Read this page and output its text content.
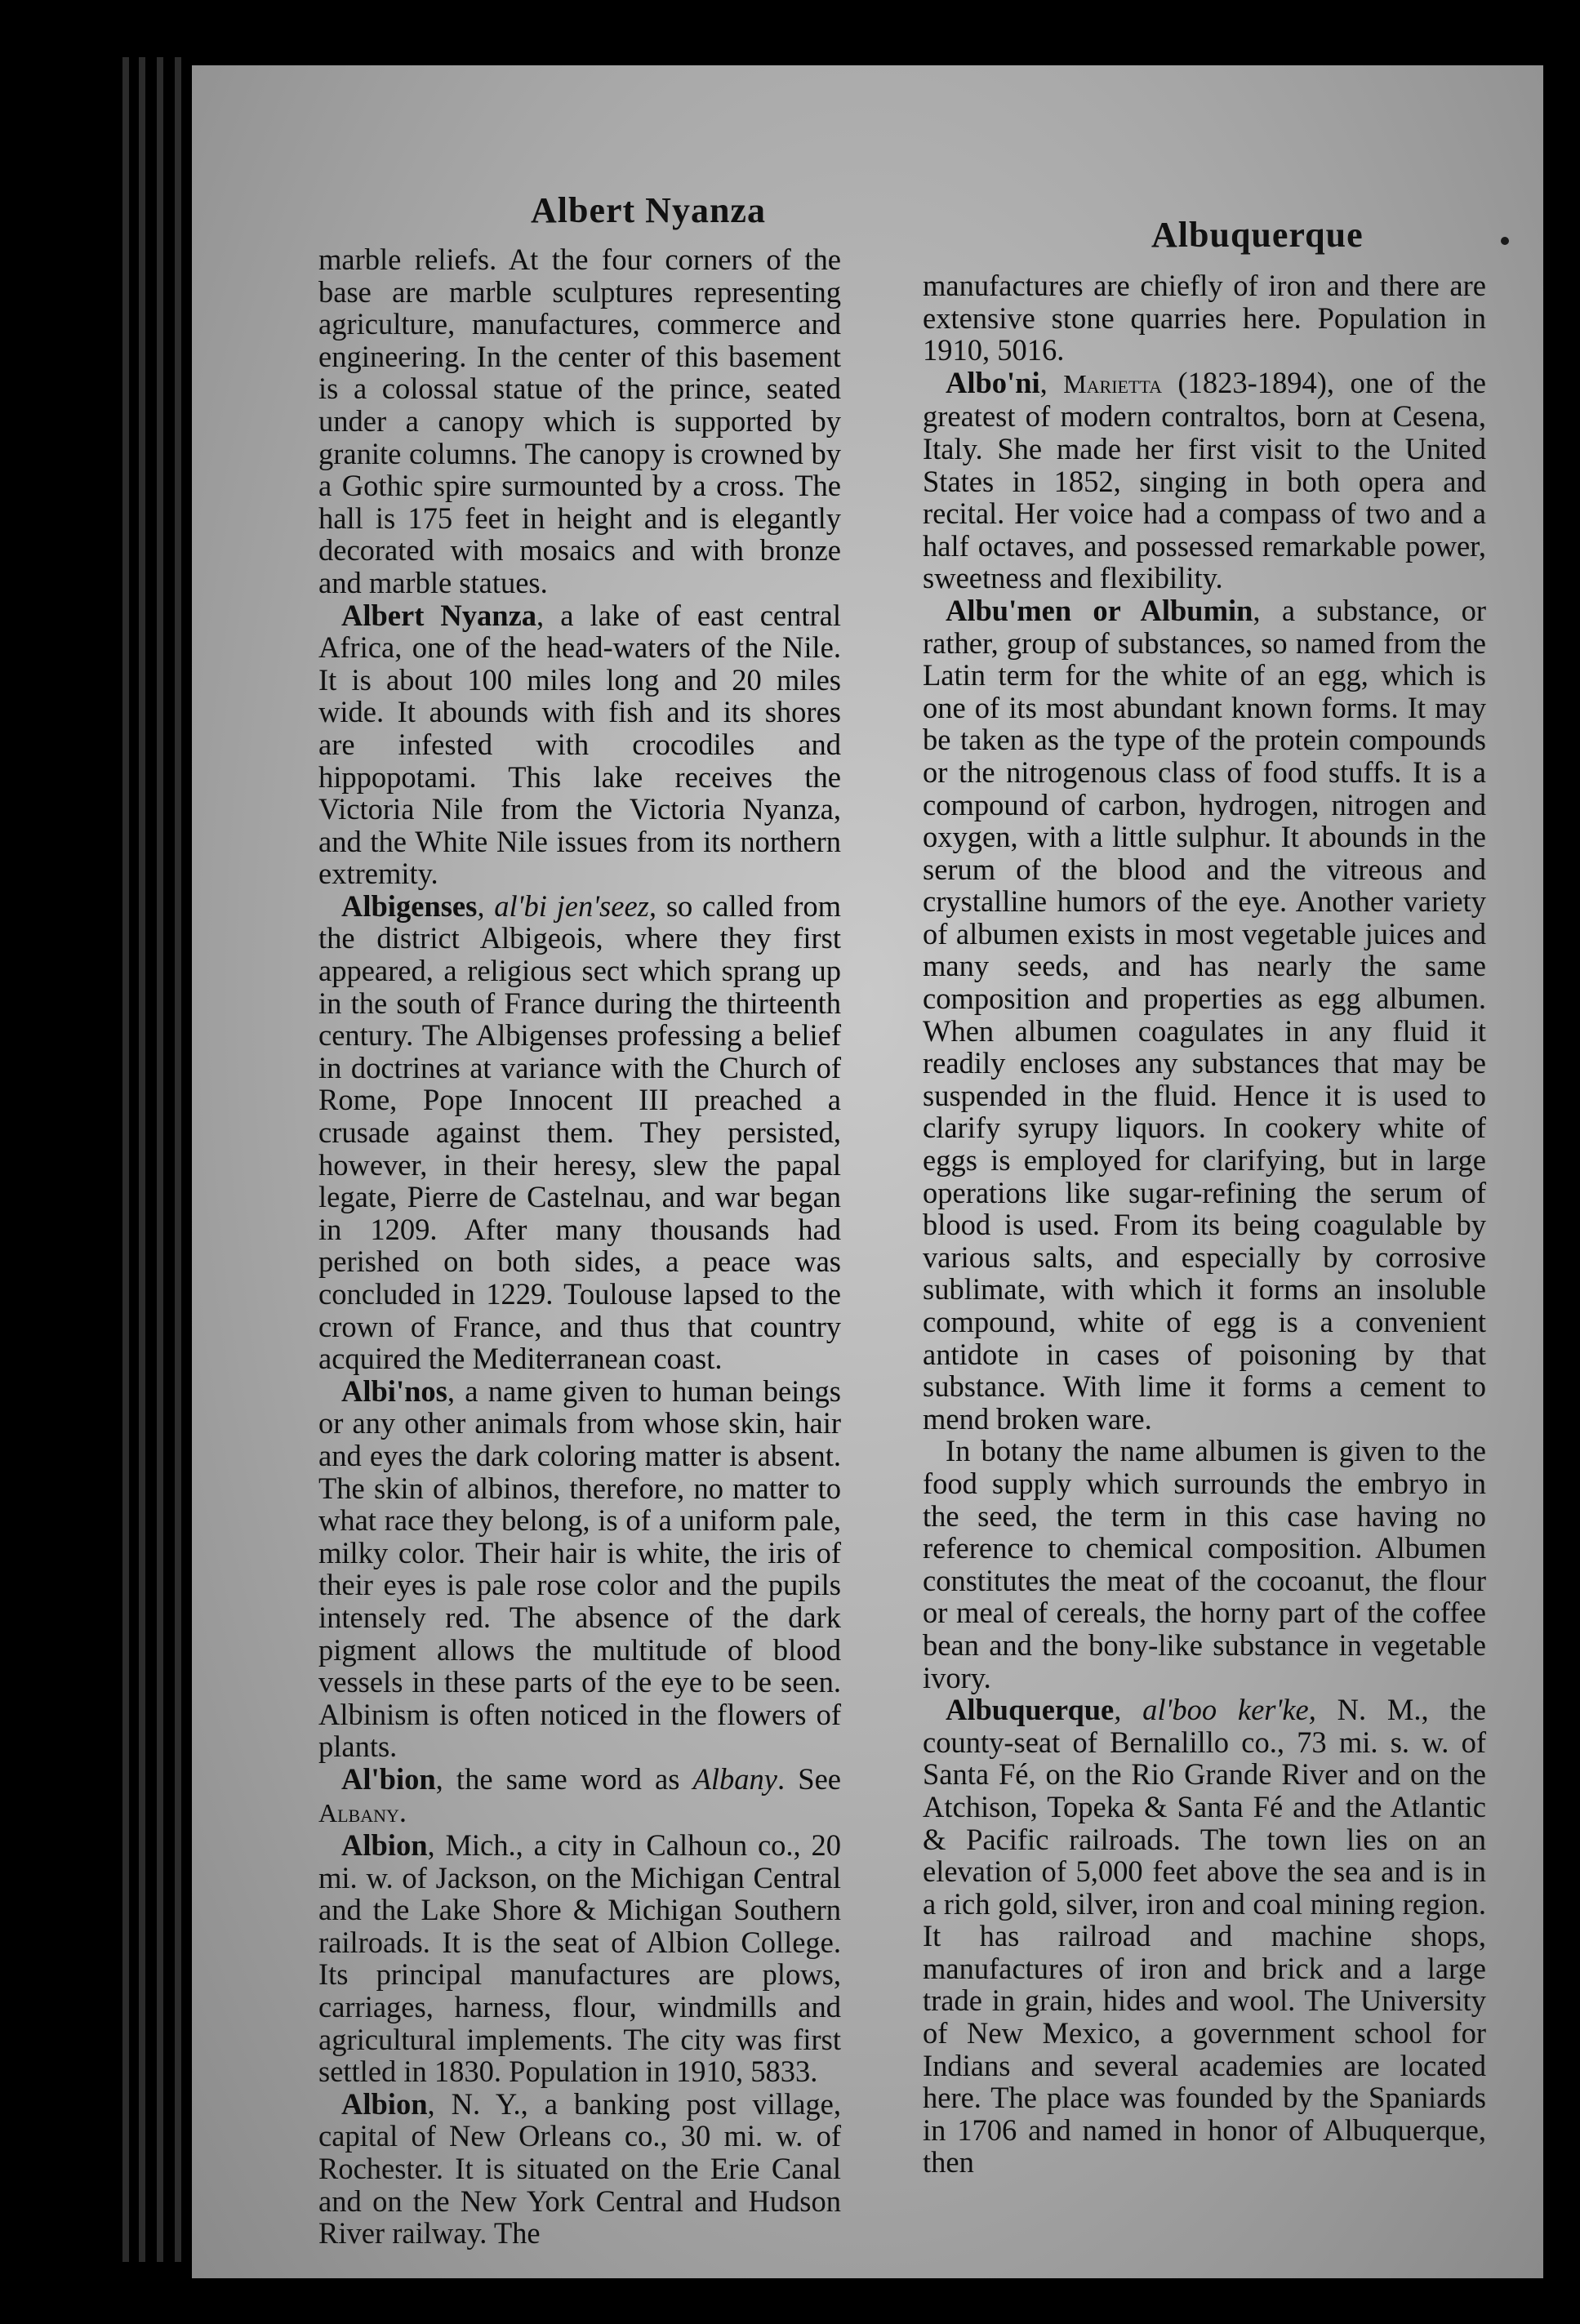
Albert Nyanza
Albuquerque

marble reliefs. At the four corners of the base are marble sculptures representing agriculture, manufactures, commerce and engineering. In the center of this basement is a colossal statue of the prince, seated under a canopy which is supported by granite columns. The canopy is crowned by a Gothic spire surmounted by a cross. The hall is 175 feet in height and is elegantly decorated with mosaics and with bronze and marble statues.

Albert Nyanza, a lake of east central Africa, one of the head-waters of the Nile. It is about 100 miles long and 20 miles wide. It abounds with fish and its shores are infested with crocodiles and hippopotami. This lake receives the Victoria Nile from the Victoria Nyanza, and the White Nile issues from its northern extremity.

Albigenses, al'bi jen'seez, so called from the district Albigeois, where they first appeared, a religious sect which sprang up in the south of France during the thirteenth century. The Albigenses professing a belief in doctrines at variance with the Church of Rome, Pope Innocent III preached a crusade against them. They persisted, however, in their heresy, slew the papal legate, Pierre de Castelnau, and war began in 1209. After many thousands had perished on both sides, a peace was concluded in 1229. Toulouse lapsed to the crown of France, and thus that country acquired the Mediterranean coast.

Albi'nos, a name given to human beings or any other animals from whose skin, hair and eyes the dark coloring matter is absent. The skin of albinos, therefore, no matter to what race they belong, is of a uniform pale, milky color. Their hair is white, the iris of their eyes is pale rose color and the pupils intensely red. The absence of the dark pigment allows the multitude of blood vessels in these parts of the eye to be seen. Albinism is often noticed in the flowers of plants.

Al'bion, the same word as Albany. See Albany.

Albion, Mich., a city in Calhoun co., 20 mi. w. of Jackson, on the Michigan Central and the Lake Shore & Michigan Southern railroads. It is the seat of Albion College. Its principal manufactures are plows, carriages, harness, flour, windmills and agricultural implements. The city was first settled in 1830. Population in 1910, 5833.

Albion, N. Y., a banking post village, capital of New Orleans co., 30 mi. w. of Rochester. It is situated on the Erie Canal and on the New York Central and Hudson River railway. The

manufactures are chiefly of iron and there are extensive stone quarries here. Population in 1910, 5016.

Albo'ni, Marietta (1823-1894), one of the greatest of modern contraltos, born at Cesena, Italy. She made her first visit to the United States in 1852, singing in both opera and recital. Her voice had a compass of two and a half octaves, and possessed remarkable power, sweetness and flexibility.

Albu'men or Albumin, a substance, or rather, group of substances, so named from the Latin term for the white of an egg, which is one of its most abundant known forms. It may be taken as the type of the protein compounds or the nitrogenous class of food stuffs. It is a compound of carbon, hydrogen, nitrogen and oxygen, with a little sulphur. It abounds in the serum of the blood and the vitreous and crystalline humors of the eye. Another variety of albumen exists in most vegetable juices and many seeds, and has nearly the same composition and properties as egg albumen. When albumen coagulates in any fluid it readily encloses any substances that may be suspended in the fluid. Hence it is used to clarify syrupy liquors. In cookery white of eggs is employed for clarifying, but in large operations like sugar-refining the serum of blood is used. From its being coagulable by various salts, and especially by corrosive sublimate, with which it forms an insoluble compound, white of egg is a convenient antidote in cases of poisoning by that substance. With lime it forms a cement to mend broken ware.

In botany the name albumen is given to the food supply which surrounds the embryo in the seed, the term in this case having no reference to chemical composition. Albumen constitutes the meat of the cocoanut, the flour or meal of cereals, the horny part of the coffee bean and the bony-like substance in vegetable ivory.

Albuquerque, al'boo ker'ke, N. M., the county-seat of Bernalillo co., 73 mi. s. w. of Santa Fé, on the Rio Grande River and on the Atchison, Topeka & Santa Fé and the Atlantic & Pacific railroads. The town lies on an elevation of 5,000 feet above the sea and is in a rich gold, silver, iron and coal mining region. It has railroad and machine shops, manufactures of iron and brick and a large trade in grain, hides and wool. The University of New Mexico, a government school for Indians and several academies are located here. The place was founded by the Spaniards in 1706 and named in honor of Albuquerque, then
